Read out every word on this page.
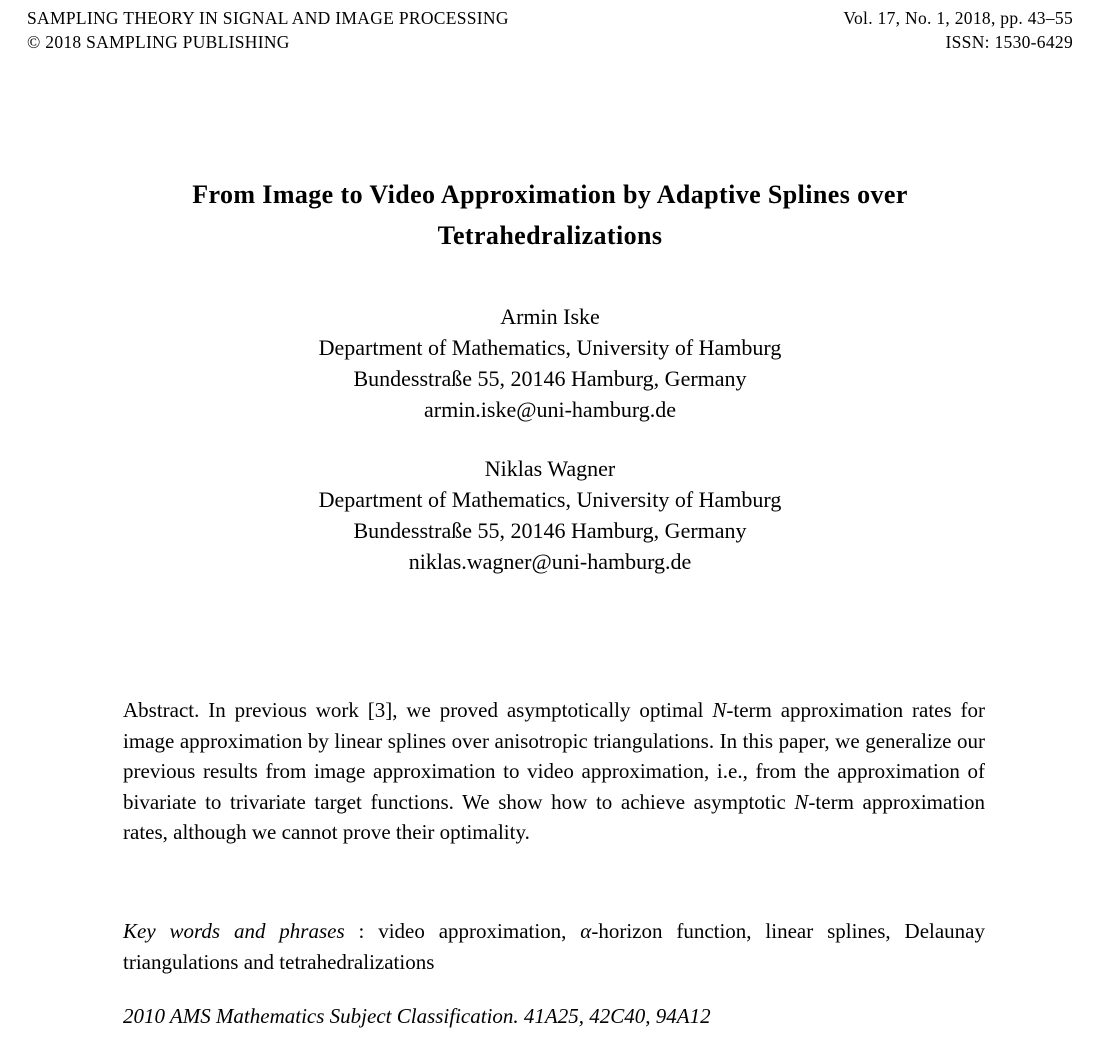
SAMPLING THEORY IN SIGNAL AND IMAGE PROCESSING
© 2018 SAMPLING PUBLISHING
Vol. 17, No. 1, 2018, pp. 43–55
ISSN: 1530-6429
From Image to Video Approximation by Adaptive Splines over
Tetrahedralizations
Armin Iske
Department of Mathematics, University of Hamburg
Bundesstraße 55, 20146 Hamburg, Germany
armin.iske@uni-hamburg.de
Niklas Wagner
Department of Mathematics, University of Hamburg
Bundesstraße 55, 20146 Hamburg, Germany
niklas.wagner@uni-hamburg.de
Abstract. In previous work [3], we proved asymptotically optimal N-term approximation rates for image approximation by linear splines over anisotropic triangulations. In this paper, we generalize our previous results from image approximation to video approximation, i.e., from the approximation of bivariate to trivariate target functions. We show how to achieve asymptotic N-term approximation rates, although we cannot prove their optimality.
Key words and phrases : video approximation, α-horizon function, linear splines, Delaunay triangulations and tetrahedralizations
2010 AMS Mathematics Subject Classification. 41A25, 42C40, 94A12
